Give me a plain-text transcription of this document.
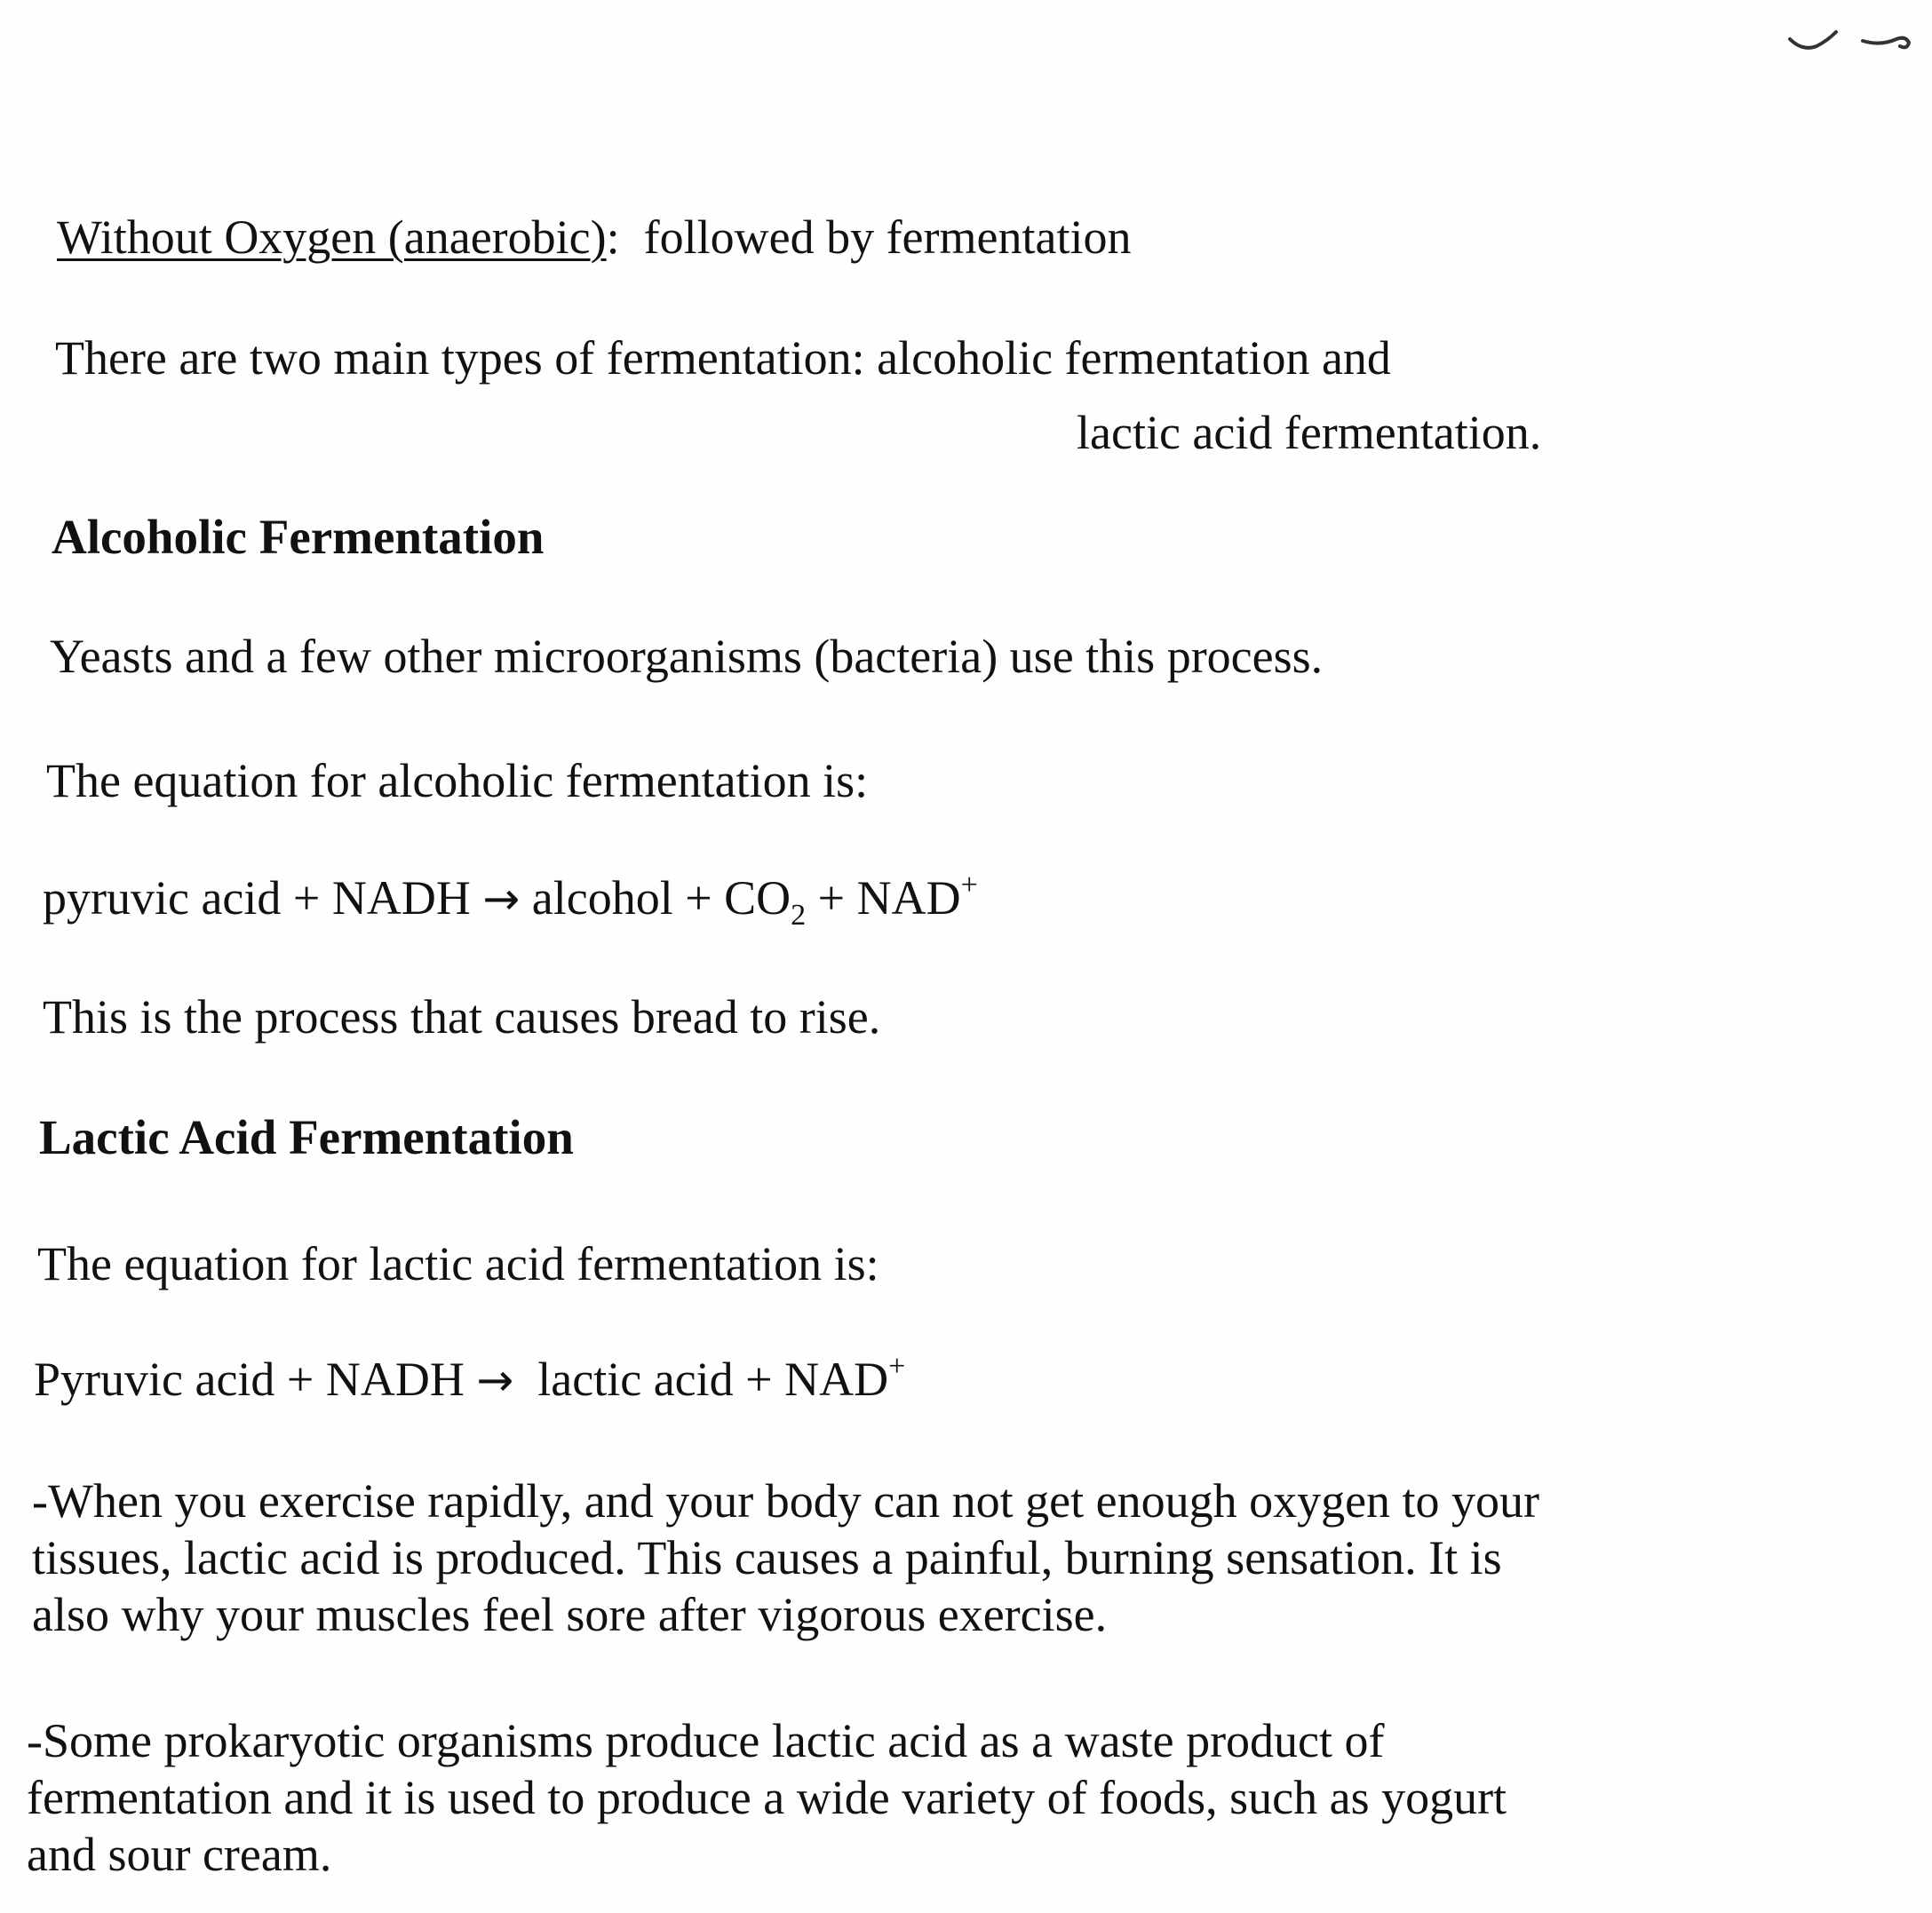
Without Oxygen (anaerobic): followed by fermentation
There are two main types of fermentation: alcoholic fermentation and
lactic acid fermentation.
Alcoholic Fermentation
Yeasts and a few other microorganisms (bacteria) use this process.
The equation for alcoholic fermentation is:
pyruvic acid + NADH → alcohol + $CO_2 + NAD^+$
This is the process that causes bread to rise.
Lactic Acid Fermentation
The equation for lactic acid fermentation is:
Pyruvic acid + NADH → lactic acid + NAD+
-When you exercise rapidly, and your body can not get enough oxygen to your
tissues, lactic acid is produced. This causes a painful, burning sensation. It is
also why your muscles feel sore after vigorous exercise.
-Some prokaryotic organisms produce lactic acid as a waste product of
fermentation and it is used to produce a wide variety of foods, such as yogurt
and sour cream.
